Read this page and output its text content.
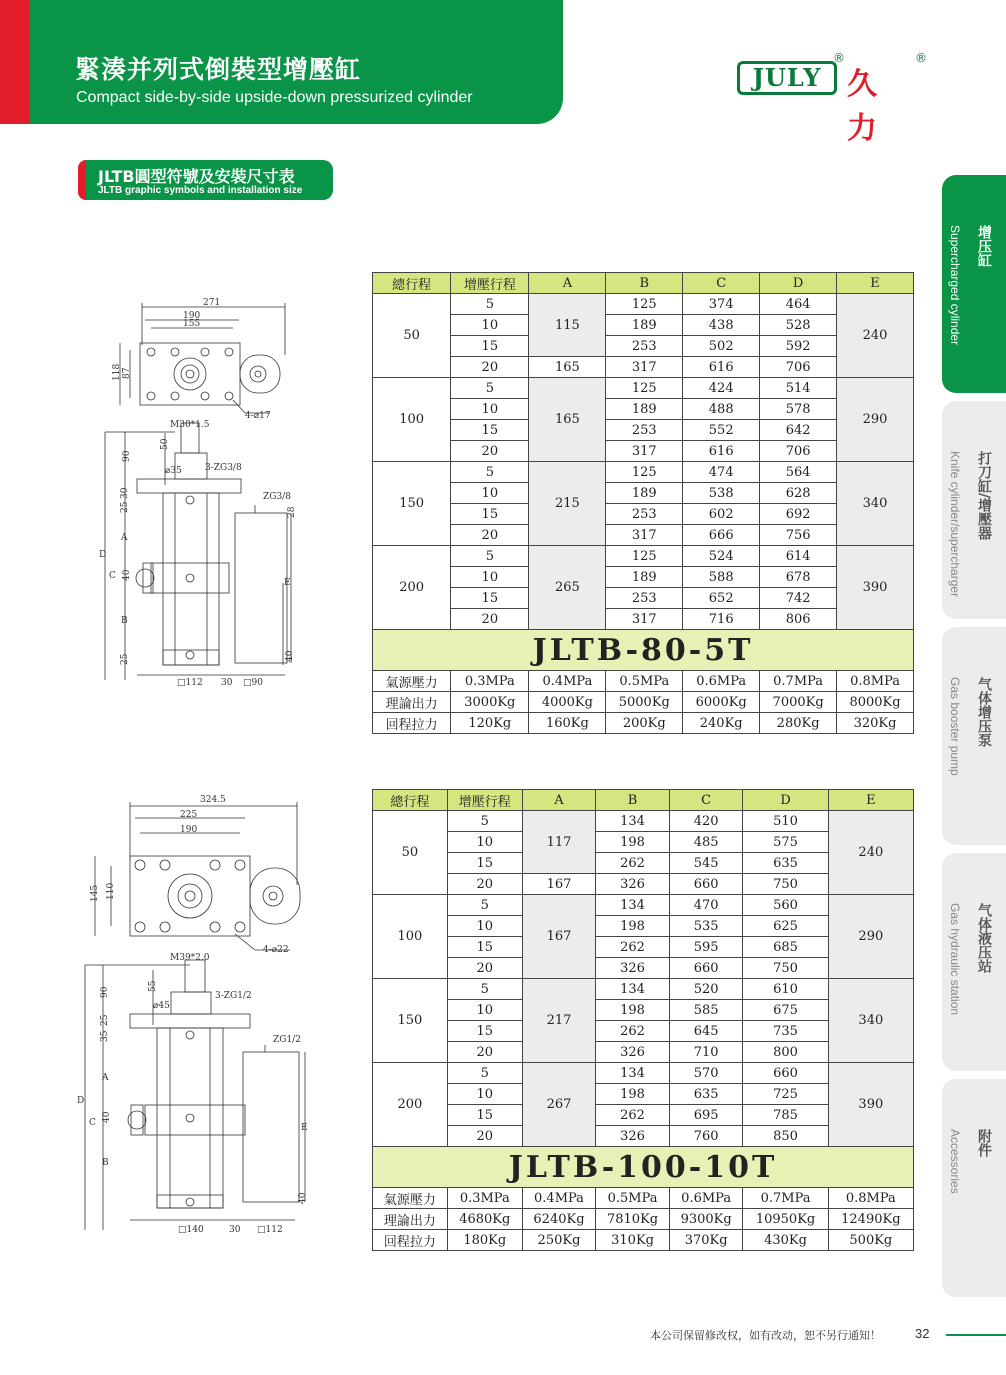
緊湊并列式倒裝型增壓缸
Compact side-by-side upside-down pressurized cylinder
JULY
®
久力
®
JLTB圓型符號及安裝尺寸表
JLTB graphic symbols and installation size
增压缸
Supercharged cylinder
打刀缸/增壓器
Knife cylinder/supercharger
气体增压泵
Gas booster pump
气体液压站
Gas hydraulic station
附件
Accessories
271
190
155
118 87
4-⌀17
M30*1.5
50
90
⌀35	3-ZG3/8
ZG3/8
30
25	28
A
D
C 40
B
E
25	40
□112 30 □90
總行程	增壓行程	A	B	C	D	E
50	5	115	125	374	464	240
	10		189	438	528	
	15		253	502	592	
	20	165	317	616	706	
100	5	165	125	424	514	290
	10		189	488	578	
	15		253	552	642	
	20		317	616	706	
150	5	215	125	474	564	340
	10		189	538	628	
	15		253	602	692	
	20		317	666	756	
200	5	265	125	524	614	390
	10		189	588	678	
	15		253	652	742	
	20		317	716	806	
JLTB-80-5T						
氣源壓力	0.3MPa	0.4MPa	0.5MPa	0.6MPa	0.7MPa	0.8MPa
理論出力	3000Kg	4000Kg	5000Kg	6000Kg	7000Kg	8000Kg
回程拉力	120Kg	160Kg	200Kg	240Kg	280Kg	320Kg
324.5
225
190
145 110
4-⌀22
M39*2.0
55
90
⌀45
3-ZG1/2
ZG1/2
25
35
A
D
C 40
B
E
40
□140	30 □112
總行程	增壓行程	A	B	C	D	E
50	5	117	134	420	510	240
	10		198	485	575	
	15		262	545	635	
	20	167	326	660	750	
100	5	167	134	470	560	290
	10		198	535	625	
	15		262	595	685	
	20		326	660	750	
150	5	217	134	520	610	340
	10		198	585	675	
	15		262	645	735	
	20		326	710	800	
200	5	267	134	570	660	390
	10		198	635	725	
	15		262	695	785	
	20		326	760	850	
JLTB-100-10T						
氣源壓力	0.3MPa	0.4MPa	0.5MPa	0.6MPa	0.7MPa	0.8MPa
理論出力	4680Kg	6240Kg	7810Kg	9300Kg	10950Kg	12490Kg
回程拉力	180Kg	250Kg	310Kg	370Kg	430Kg	500Kg
本公司保留修改权，如有改动，恕不另行通知！	32
